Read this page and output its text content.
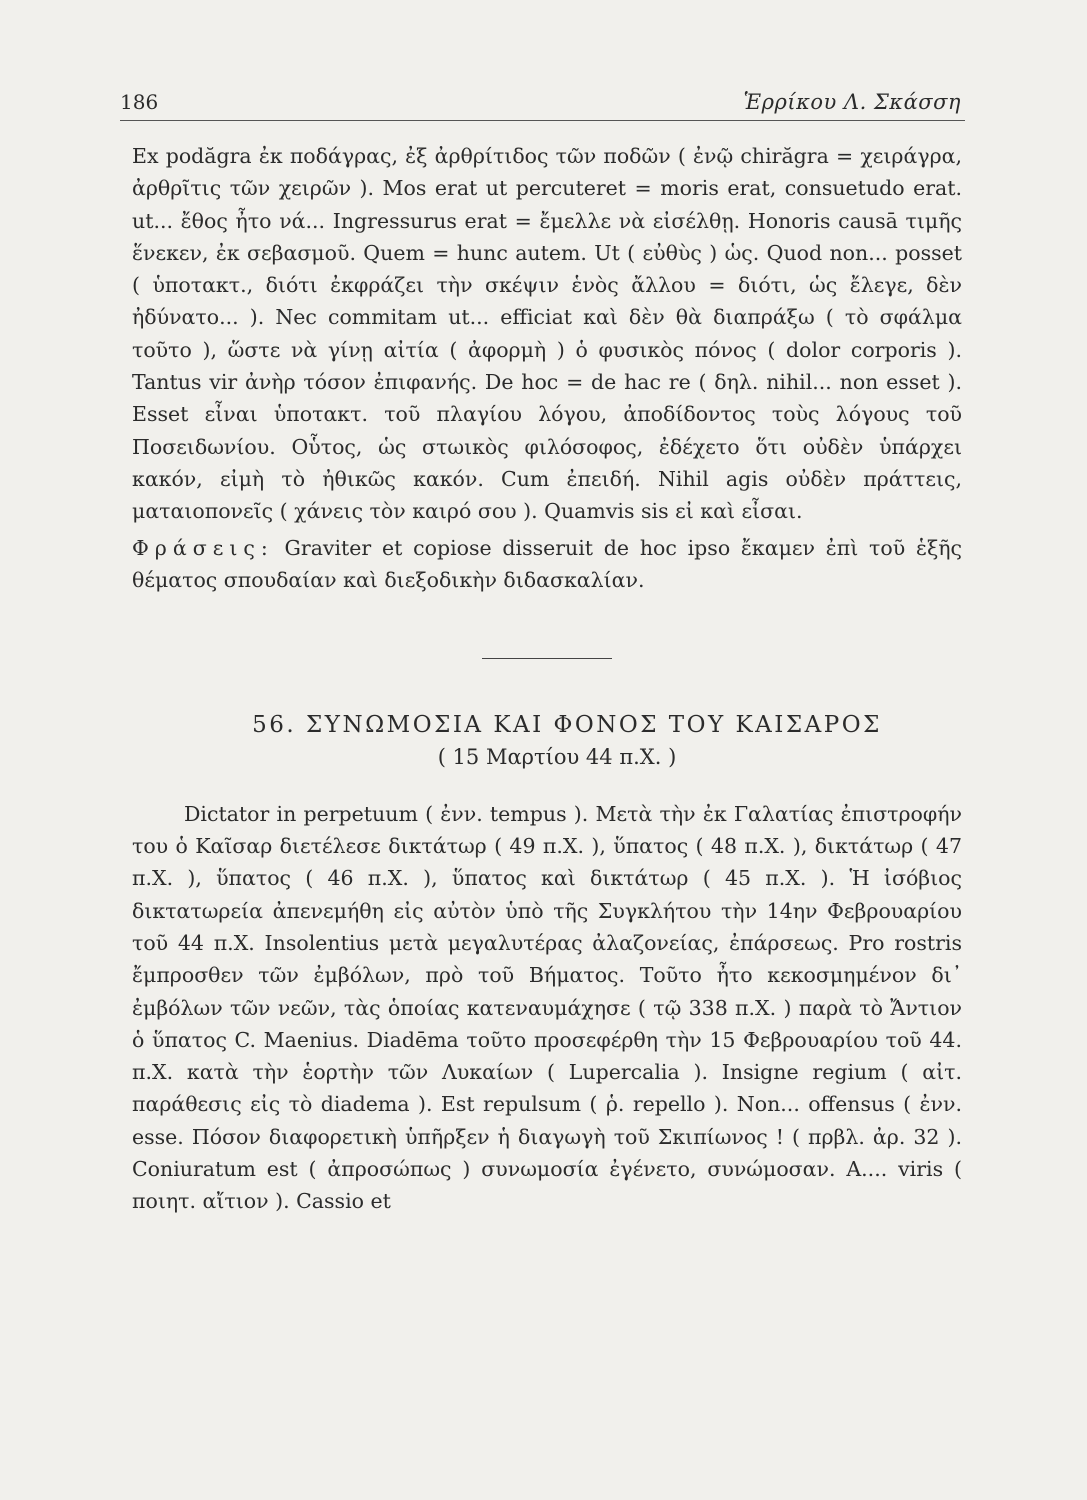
186	Ἑρρίκου Λ. Σκάσση

Ex podăgra ἐκ ποδάγρας, ἐξ ἀρθρίτιδος τῶν ποδῶν ( ἐνῷ chirăgra = χειράγρα, ἀρθρῖτις τῶν χειρῶν ). Mos erat ut percuteret = moris erat, consuetudo erat. ut... ἔθος ἦτο νά... Ingressurus erat = ἔμελλε νὰ εἰσέλθῃ. Honoris causā τιμῆς ἕνεκεν, ἐκ σεβασμοῦ. Quem = hunc autem. Ut ( εὐθὺς ) ὡς. Quod non... posset ( ὑποτακτ., διότι ἐκφράζει τὴν σκέψιν ἑνὸς ἄλλου = διότι, ὡς ἔλεγε, δὲν ἠδύνατο... ). Nec commitam ut... efficiat καὶ δὲν θὰ διαπράξω ( τὸ σφάλμα τοῦτο ), ὥστε νὰ γίνῃ αἰτία ( ἀφορμὴ ) ὁ φυσικὸς πόνος ( dolor corporis ). Tantus vir ἀνὴρ τόσον ἐπιφανής. De hoc = de hac re ( δηλ. nihil... non esset ). Esset εἶναι ὑποτακτ. τοῦ πλαγίου λόγου, ἀποδίδοντος τοὺς λόγους τοῦ Ποσειδωνίου. Οὗτος, ὡς στωικὸς φιλόσοφος, ἐδέχετο ὅτι οὐδὲν ὑπάρχει κακόν, εἰμὴ τὸ ἠθικῶς κακόν. Cum ἐπειδή. Nihil agis οὐδὲν πράττεις, ματαιοπονεῖς ( χάνεις τὸν καιρό σου ). Quamvis sis εἰ καὶ εἶσαι.

Φράσεις: Graviter et copiose disseruit de hoc ipso ἔκαμεν ἐπὶ τοῦ ἑξῆς θέματος σπουδαίαν καὶ διεξοδικὴν διδασκαλίαν.

56. ΣΥΝΩΜΟΣΙΑ ΚΑΙ ΦΟΝΟΣ ΤΟΥ ΚΑΙΣΑΡΟΣ
( 15 Μαρτίου 44 π.Χ. )

Dictator in perpetuum ( ἐνν. tempus ). Μετὰ τὴν ἐκ Γαλατίας ἐπιστροφήν του ὁ Καῖσαρ διετέλεσε δικτάτωρ ( 49 π.Χ. ), ὕπατος ( 48 π.Χ. ), δικτάτωρ ( 47 π.Χ. ), ὕπατος ( 46 π.Χ. ), ὕπατος καὶ δικτάτωρ ( 45 π.Χ. ). Ἡ ἰσόβιος δικτατωρεία ἀπενεμήθη εἰς αὐτὸν ὑπὸ τῆς Συγκλήτου τὴν 14ην Φεβρουαρίου τοῦ 44 π.Χ. Insolentius μετὰ μεγαλυτέρας ἀλαζονείας, ἐπάρσεως. Pro rostris ἔμπροσθεν τῶν ἐμβόλων, πρὸ τοῦ Βήματος. Τοῦτο ἦτο κεκοσμημένον δι᾽ ἐμβόλων τῶν νεῶν, τὰς ὁποίας κατεναυμάχησε ( τῷ 338 π.Χ. ) παρὰ τὸ Ἄντιον ὁ ὕπατος C. Maenius. Diadēma τοῦτο προσεφέρθη τὴν 15 Φεβρουαρίου τοῦ 44. π.Χ. κατὰ τὴν ἑορτὴν τῶν Λυκαίων ( Lupercalia ). Insigne regium ( αἰτ. παράθεσις εἰς τὸ diadema ). Est repulsum ( ῥ. repello ). Non... offensus ( ἐνν. esse. Πόσον διαφορετικὴ ὑπῆρξεν ἡ διαγωγὴ τοῦ Σκιπίωνος ! ( πρβλ. ἀρ. 32 ). Coniuratum est ( ἀπροσώπως ) συνωμοσία ἐγένετο, συνώμοσαν. A.... viris ( ποιητ. αἴτιον ). Cassio et
